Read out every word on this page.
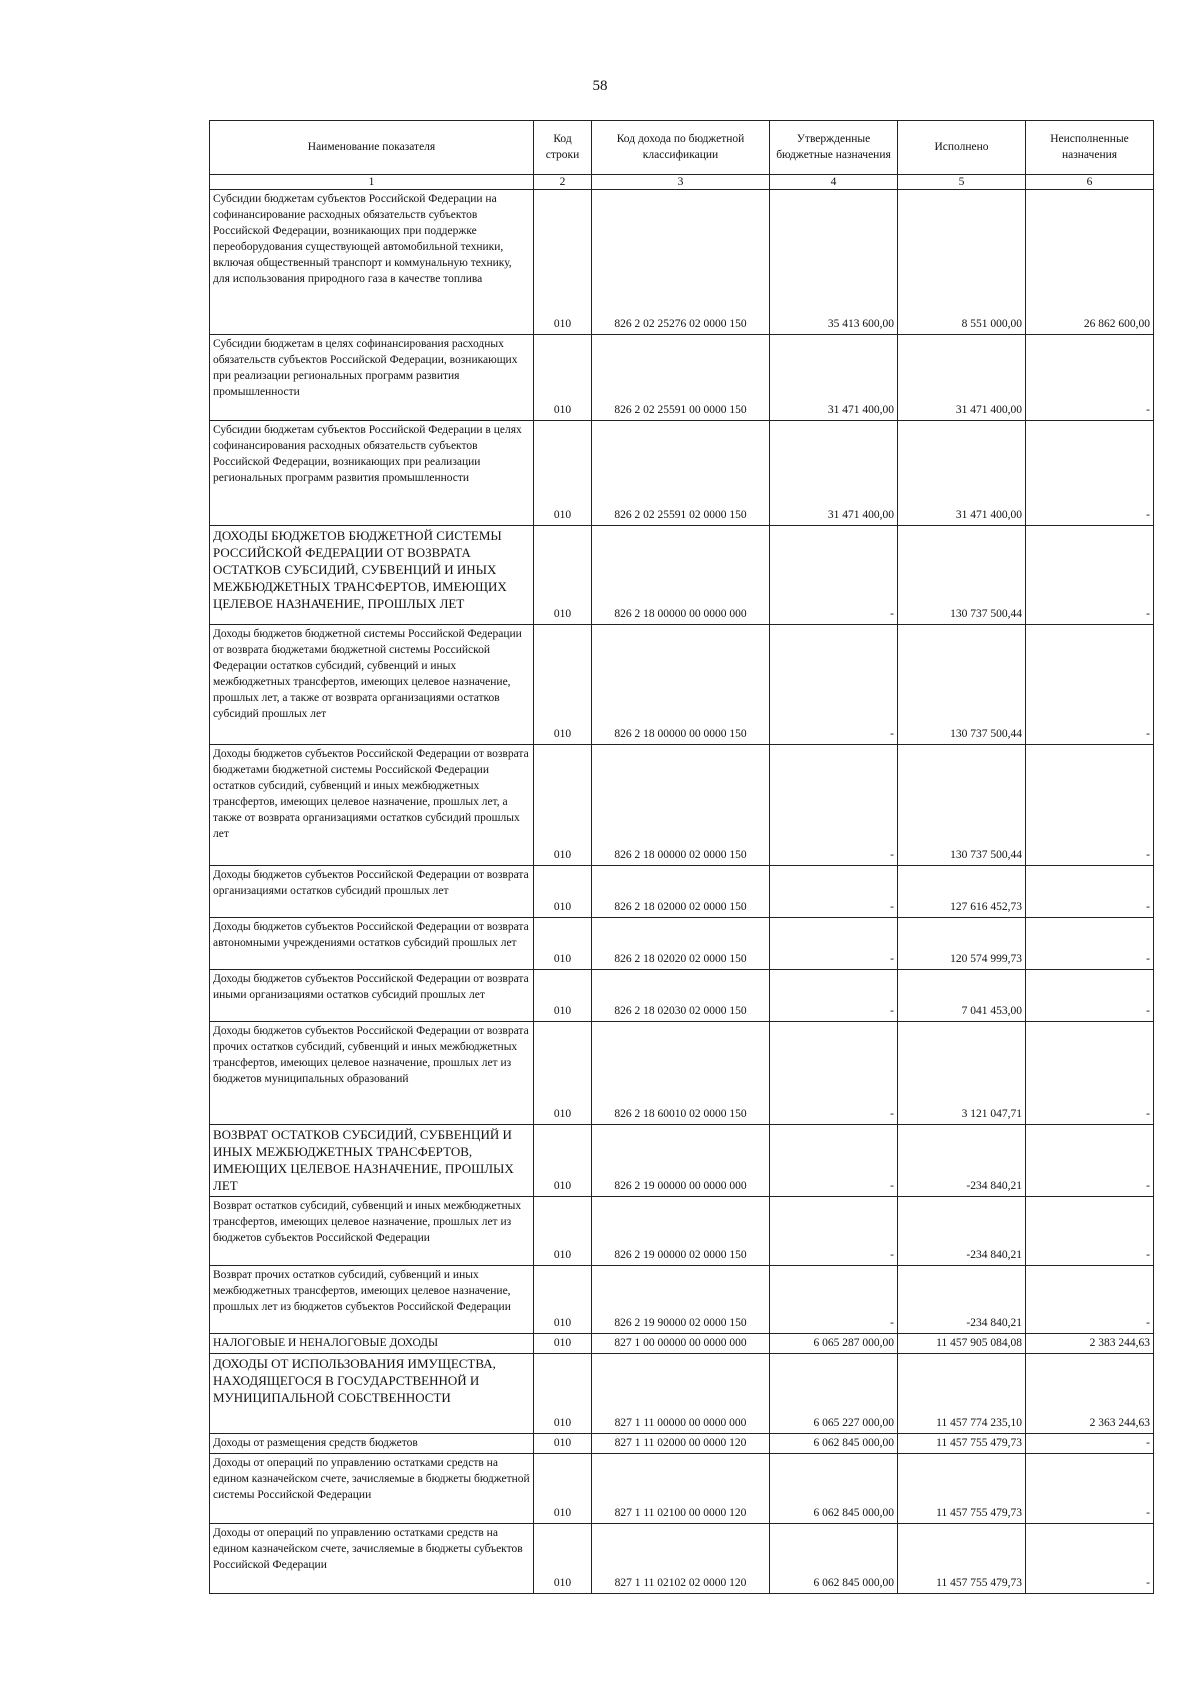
58
Наименование показателя	Код строки	Код дохода по бюджетной классификации	Утвержденные бюджетные назначения	Исполнено	Неисполненные назначения
1	2	3	4	5	6
Субсидии бюджетам субъектов Российской Федерации на софинансирование расходных обязательств субъектов Российской Федерации, возникающих при поддержке переоборудования существующей автомобильной техники, включая общественный транспорт и коммунальную технику, для использования природного газа в качестве топлива	010	826 2 02 25276 02 0000 150	35 413 600,00	8 551 000,00	26 862 600,00
Субсидии бюджетам в целях софинансирования расходных обязательств субъектов Российской Федерации, возникающих при реализации региональных программ развития промышленности	010	826 2 02 25591 00 0000 150	31 471 400,00	31 471 400,00	-
Субсидии бюджетам субъектов Российской Федерации в целях софинансирования расходных обязательств субъектов Российской Федерации, возникающих при реализации региональных программ развития промышленности	010	826 2 02 25591 02 0000 150	31 471 400,00	31 471 400,00	-
ДОХОДЫ БЮДЖЕТОВ БЮДЖЕТНОЙ СИСТЕМЫ РОССИЙСКОЙ ФЕДЕРАЦИИ ОТ ВОЗВРАТА ОСТАТКОВ СУБСИДИЙ, СУБВЕНЦИЙ И ИНЫХ МЕЖБЮДЖЕТНЫХ ТРАНСФЕРТОВ, ИМЕЮЩИХ ЦЕЛЕВОЕ НАЗНАЧЕНИЕ, ПРОШЛЫХ ЛЕТ	010	826 2 18 00000 00 0000 000	-	130 737 500,44	-
Доходы бюджетов бюджетной системы Российской Федерации от возврата бюджетами бюджетной системы Российской Федерации остатков субсидий, субвенций и иных межбюджетных трансфертов, имеющих целевое назначение, прошлых лет, а также от возврата организациями остатков субсидий прошлых лет	010	826 2 18 00000 00 0000 150	-	130 737 500,44	-
Доходы бюджетов субъектов Российской Федерации от возврата бюджетами бюджетной системы Российской Федерации остатков субсидий, субвенций и иных межбюджетных трансфертов, имеющих целевое назначение, прошлых лет, а также от возврата организациями остатков субсидий прошлых лет	010	826 2 18 00000 02 0000 150	-	130 737 500,44	-
Доходы бюджетов субъектов Российской Федерации от возврата организациями остатков субсидий прошлых лет	010	826 2 18 02000 02 0000 150	-	127 616 452,73	-
Доходы бюджетов субъектов Российской Федерации от возврата автономными учреждениями остатков субсидий прошлых лет	010	826 2 18 02020 02 0000 150	-	120 574 999,73	-
Доходы бюджетов субъектов Российской Федерации от возврата иными организациями остатков субсидий прошлых лет	010	826 2 18 02030 02 0000 150	-	7 041 453,00	-
Доходы бюджетов субъектов Российской Федерации от возврата прочих остатков субсидий, субвенций и иных межбюджетных трансфертов, имеющих целевое назначение, прошлых лет из бюджетов муниципальных образований	010	826 2 18 60010 02 0000 150	-	3 121 047,71	-
ВОЗВРАТ ОСТАТКОВ СУБСИДИЙ, СУБВЕНЦИЙ И ИНЫХ МЕЖБЮДЖЕТНЫХ ТРАНСФЕРТОВ, ИМЕЮЩИХ ЦЕЛЕВОЕ НАЗНАЧЕНИЕ, ПРОШЛЫХ ЛЕТ	010	826 2 19 00000 00 0000 000	-	-234 840,21	-
Возврат остатков субсидий, субвенций и иных межбюджетных трансфертов, имеющих целевое назначение, прошлых лет из бюджетов субъектов Российской Федерации	010	826 2 19 00000 02 0000 150	-	-234 840,21	-
Возврат прочих остатков субсидий, субвенций и иных межбюджетных трансфертов, имеющих целевое назначение, прошлых лет из бюджетов субъектов Российской Федерации	010	826 2 19 90000 02 0000 150	-	-234 840,21	-
НАЛОГОВЫЕ И НЕНАЛОГОВЫЕ ДОХОДЫ	010	827 1 00 00000 00 0000 000	6 065 287 000,00	11 457 905 084,08	2 383 244,63
ДОХОДЫ ОТ ИСПОЛЬЗОВАНИЯ ИМУЩЕСТВА, НАХОДЯЩЕГОСЯ В ГОСУДАРСТВЕННОЙ И МУНИЦИПАЛЬНОЙ СОБСТВЕННОСТИ	010	827 1 11 00000 00 0000 000	6 065 227 000,00	11 457 774 235,10	2 363 244,63
Доходы от размещения средств бюджетов	010	827 1 11 02000 00 0000 120	6 062 845 000,00	11 457 755 479,73	-
Доходы от операций по управлению остатками средств на едином казначейском счете, зачисляемые в бюджеты бюджетной системы Российской Федерации	010	827 1 11 02100 00 0000 120	6 062 845 000,00	11 457 755 479,73	-
Доходы от операций по управлению остатками средств на едином казначейском счете, зачисляемые в бюджеты субъектов Российской Федерации	010	827 1 11 02102 02 0000 120	6 062 845 000,00	11 457 755 479,73	-
